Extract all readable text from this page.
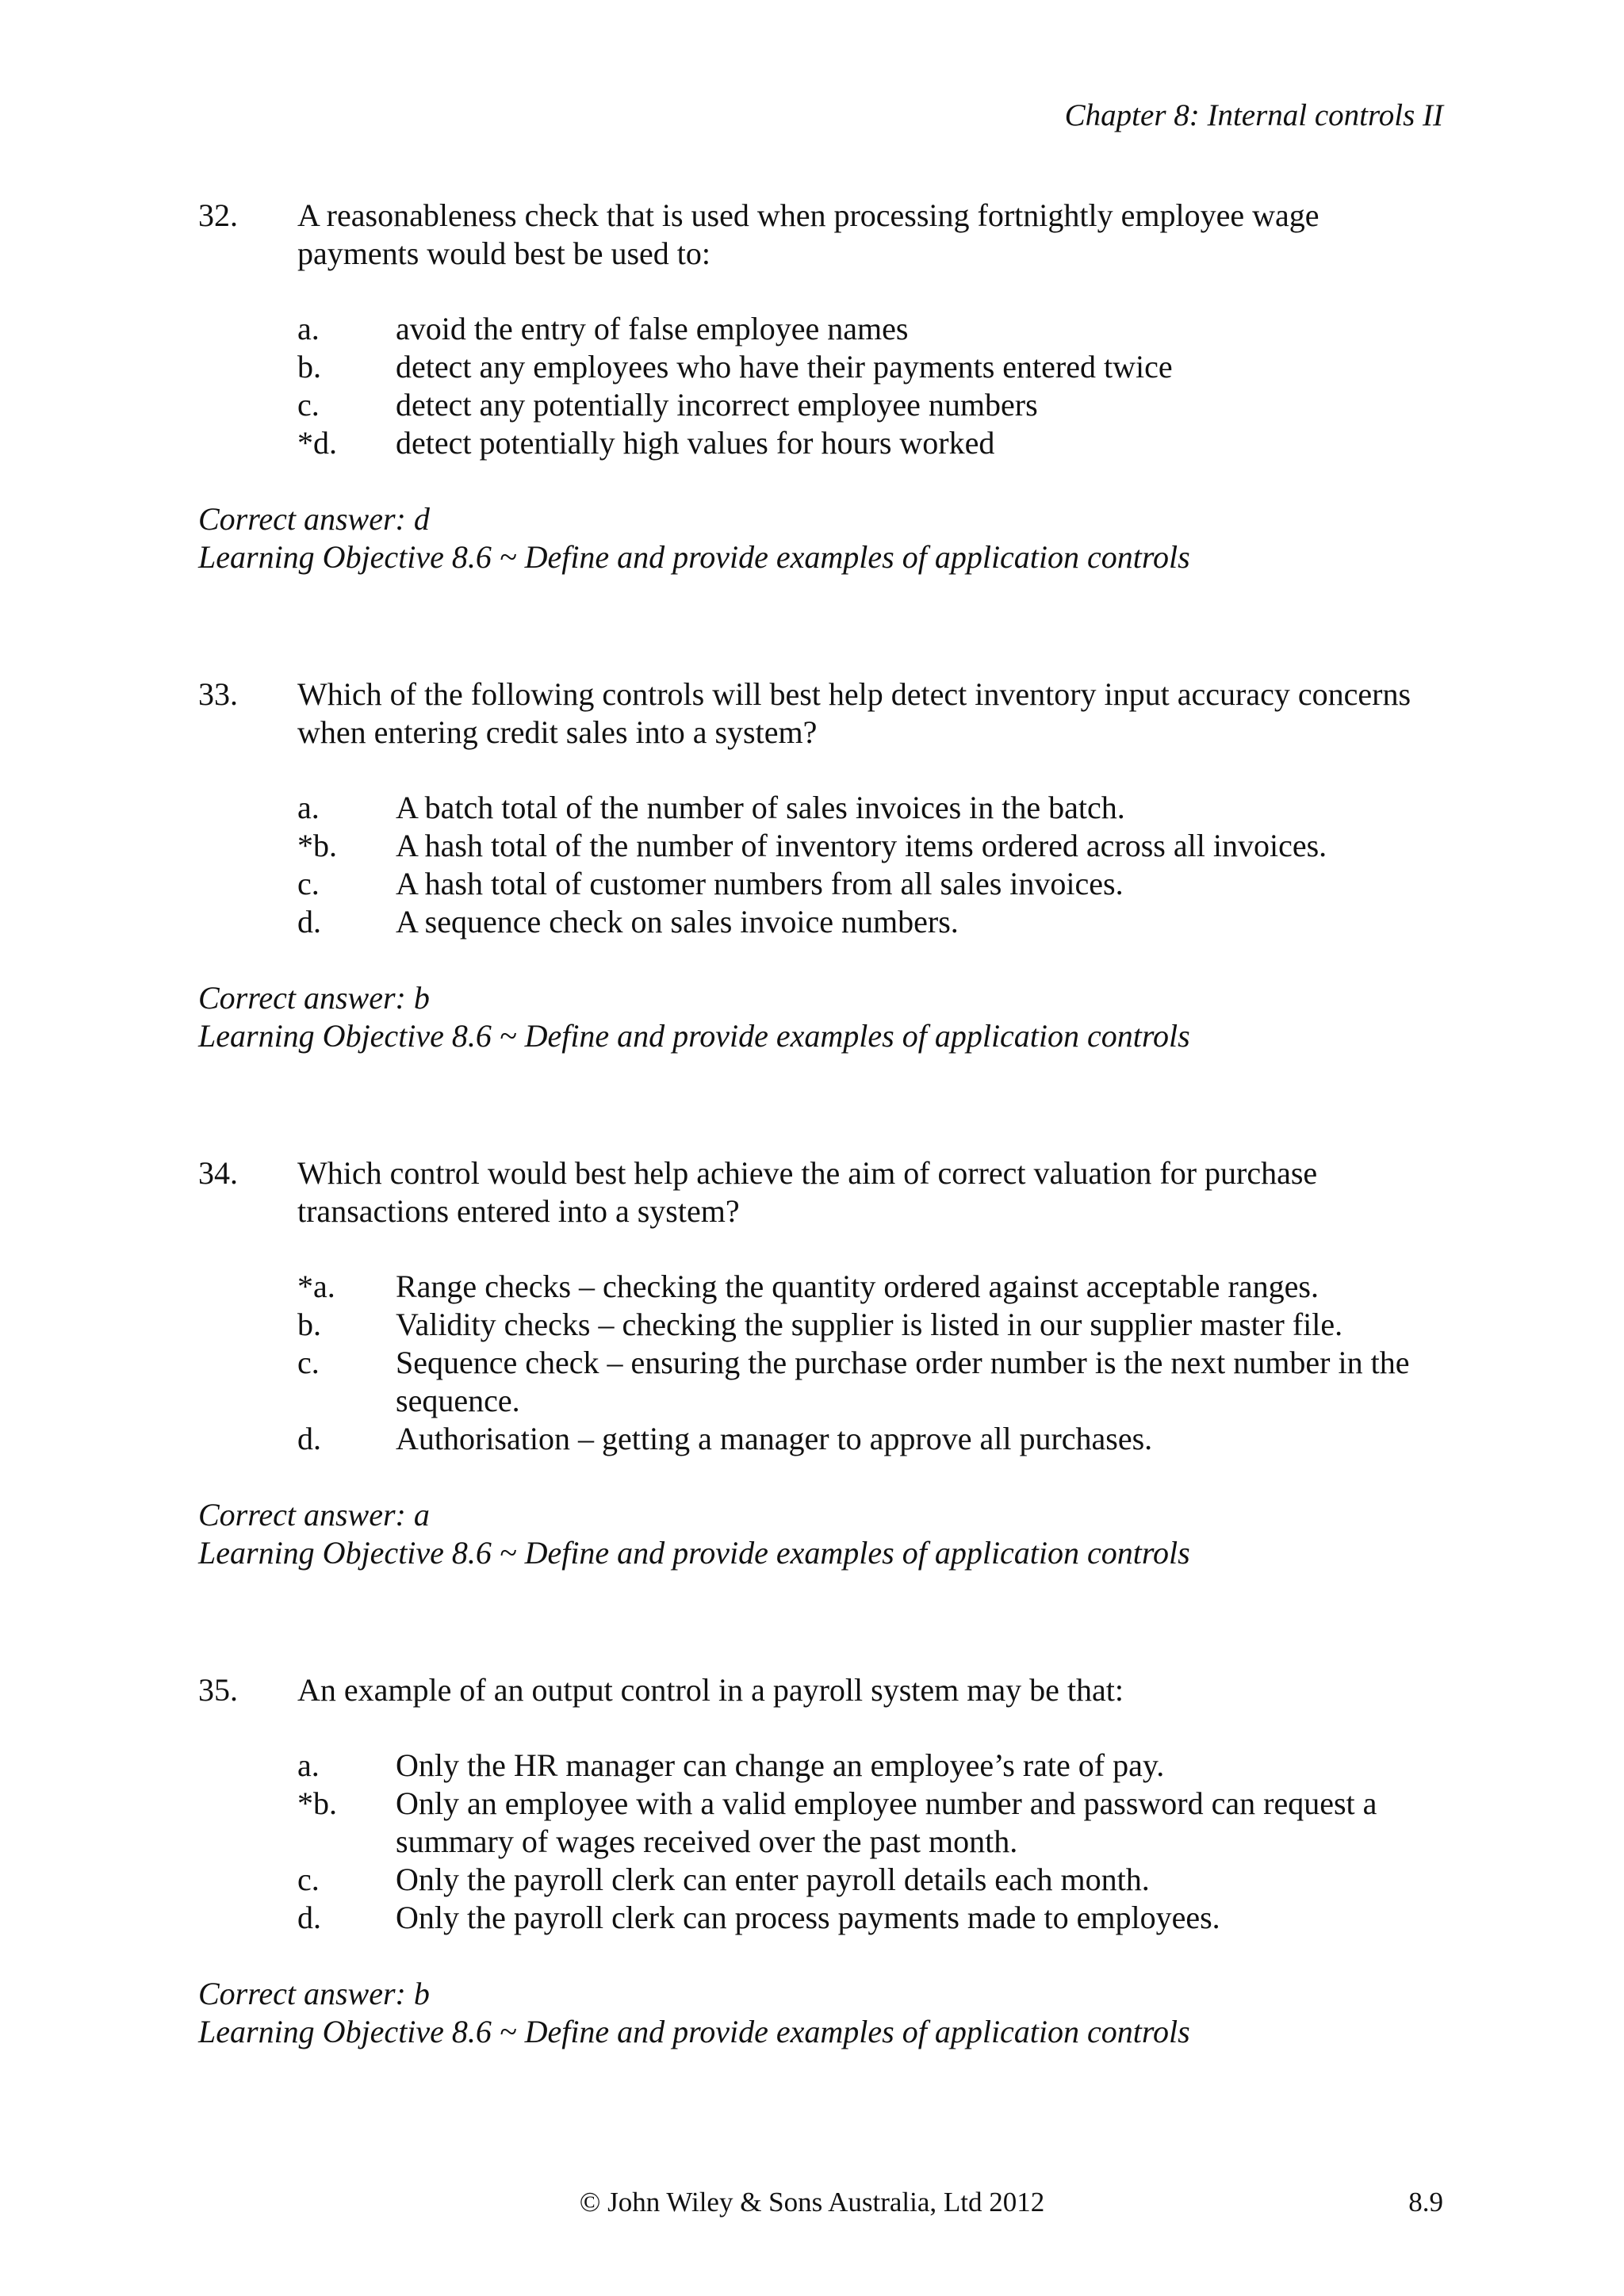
Chapter 8: Internal controls II
32.	A reasonableness check that is used when processing fortnightly employee wage payments would best be used to:
a.	avoid the entry of false employee names
b.	detect any employees who have their payments entered twice
c.	detect any potentially incorrect employee numbers
*d.	detect potentially high values for hours worked
Correct answer: d
Learning Objective 8.6 ~ Define and provide examples of application controls
33.	Which of the following controls will best help detect inventory input accuracy concerns when entering credit sales into a system?
a.	A batch total of the number of sales invoices in the batch.
*b.	A hash total of the number of inventory items ordered across all invoices.
c.	A hash total of customer numbers from all sales invoices.
d.	A sequence check on sales invoice numbers.
Correct answer: b
Learning Objective 8.6 ~ Define and provide examples of application controls
34.	Which control would best help achieve the aim of correct valuation for purchase transactions entered into a system?
*a.	Range checks – checking the quantity ordered against acceptable ranges.
b.	Validity checks – checking the supplier is listed in our supplier master file.
c.	Sequence check – ensuring the purchase order number is the next number in the sequence.
d.	Authorisation – getting a manager to approve all purchases.
Correct answer: a
Learning Objective 8.6 ~ Define and provide examples of application controls
35.	An example of an output control in a payroll system may be that:
a.	Only the HR manager can change an employee’s rate of pay.
*b.	Only an employee with a valid employee number and password can request a summary of wages received over the past month.
c.	Only the payroll clerk can enter payroll details each month.
d.	Only the payroll clerk can process payments made to employees.
Correct answer: b
Learning Objective 8.6 ~ Define and provide examples of application controls
© John Wiley & Sons Australia, Ltd 2012	8.9
